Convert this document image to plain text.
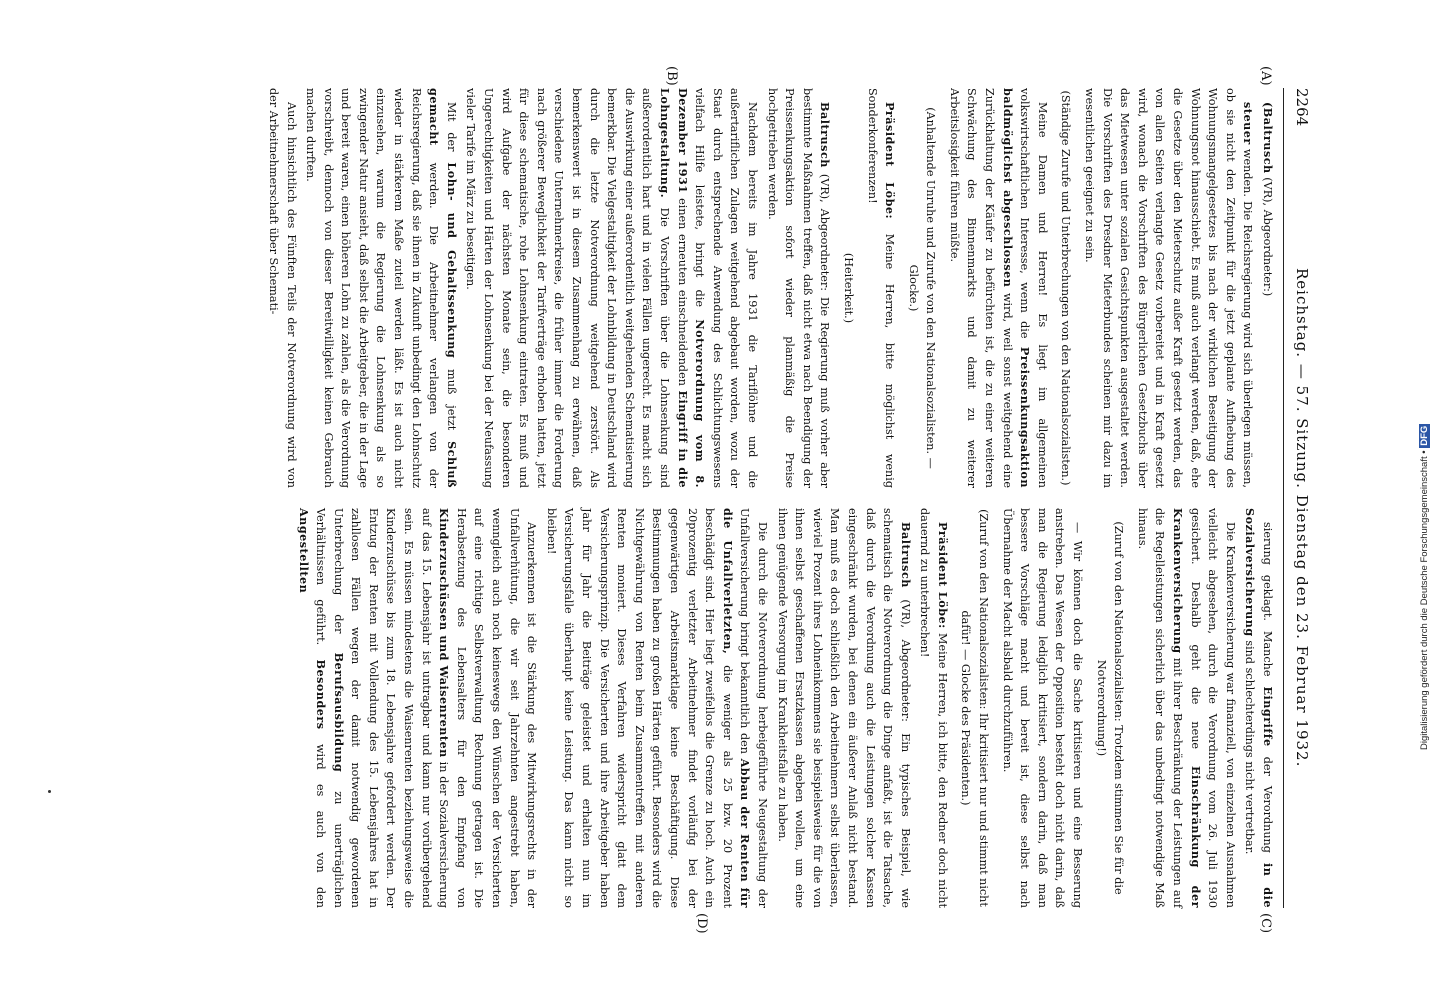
2264
Reichstag. — 57. Sitzung. Dienstag den 23. Februar 1932.
(A)
(B)
(C)
(D)

(Baltrusch (VR), Abgeordneter:)

steuer wenden. Die Reichsregierung wird sich überlegen müssen, ob sie nicht den Zeitpunkt für die jetzt geplante Aufhebung des Wohnungsmangelgesetzes bis nach der wirklichen Beseitigung der Wohnungsnot hinausschiebt. Es muß auch verlangt werden, daß, ehe die Gesetze über den Mieterschutz außer Kraft gesetzt werden, das von allen Seiten verlangte Gesetz vorbereitet und in Kraft gesetzt wird, wonach die Vorschriften des Bürgerlichen Gesetzbuchs über das Mietwesen unter sozialen Gesichtspunkten ausgestaltet werden. Die Vorschriften des Dresdner Mieterbundes scheinen mir dazu im wesentlichen geeignet zu sein.

(Ständige Zurufe und Unterbrechungen von den Nationalsozialisten.)

Meine Damen und Herren! Es liegt im allgemeinen volkswirtschaftlichen Interesse, wenn die Preissenkungsaktion baldmöglichst abgeschlossen wird, weil sonst weitgehend eine Zurückhaltung der Käufer zu befürchten ist, die zu einer weiteren Schwächung des Binnenmarkts und damit zu weiterer Arbeitslosigkeit führen müßte.

(Anhaltende Unruhe und Zurufe von den Nationalsozialisten. — Glocke.)

Präsident Löbe: Meine Herren, bitte möglichst wenig Sonderkonferenzen!

(Heiterkeit.)

Baltrusch (VR), Abgeordneter: Die Regierung muß vorher aber bestimmte Maßnahmen treffen, daß nicht etwa nach Beendigung der Preissenkungsaktion sofort wieder planmäßig die Preise hochgetrieben werden.

Nachdem bereits im Jahre 1931 die Tariflöhne und die außertariflichen Zulagen weitgehend abgebaut worden, wozu der Staat durch entsprechende Anwendung des Schlichtungswesens vielfach Hilfe leistete, bringt die Notverordnung vom 8. Dezember 1931 einen erneuten einschneidenden Eingriff in die Lohngestaltung. Die Vorschriften über die Lohnsenkung sind außerordentlich hart und in vielen Fällen ungerecht. Es macht sich die Auswirkung einer außerordentlich weitgehenden Schematisierung bemerkbar. Die Vielgestaltigkeit der Lohnbildung in Deutschland wird durch die letzte Notverordnung weitgehend zerstört. Als bemerkenswert ist in diesem Zusammenhang zu erwähnen, daß verschiedene Unternehmerkreise, die früher immer die Forderung nach größerer Beweglichkeit der Tarifverträge erhoben hatten, jetzt für diese schematische, rohe Lohnsenkung eintraten. Es muß und wird Aufgabe der nächsten Monate sein, die besonderen Ungerechtigkeiten und Härten der Lohnsenkung bei der Neufassung vieler Tarife im März zu beseitigen.

Mit der Lohn- und Gehaltssenkung muß jetzt Schluß gemacht werden. Die Arbeitnehmer verlangen von der Reichsregierung, daß sie ihnen in Zukunft unbedingt den Lohnschutz wieder in stärkerem Maße zuteil werden läßt. Es ist auch nicht einzusehen, warum die Regierung die Lohnsenkung als so zwingender Natur ansieht, daß selbst die Arbeitgeber, die in der Lage und bereit waren, einen höheren Lohn zu zahlen, als die Verordnung vorschreibt, dennoch von dieser Bereitwilligkeit keinen Gebrauch machen durften.

Auch hinsichtlich des Fünften Teils der Notverordnung wird von der Arbeitnehmerschaft über Schemati-

sierung geklagt. Manche Eingriffe der Verordnung in die Sozialversicherung sind schlechterdings nicht vertretbar.

Die Krankenversicherung war finanziell, von einzelnen Ausnahmen vielleicht abgesehen, durch die Verordnung vom 26. Juli 1930 gesichert. Deshalb geht die neue Einschränkung der Krankenversicherung mit ihrer Beschränkung der Leistungen auf die Regelleistungen sicherlich über das unbedingt notwendige Maß hinaus.

(Zuruf von den Nationalsozialisten: Trotzdem stimmen Sie für die Notverordnung!)

— Wir können doch die Sache kritisieren und eine Besserung anstreben. Das Wesen der Opposition besteht doch nicht darin, daß man die Regierung lediglich kritisiert, sondern darin, daß man bessere Vorschläge macht und bereit ist, diese selbst nach Übernahme der Macht alsbald durchzuführen.

(Zuruf von den Nationalsozialisten: Ihr kritisiert nur und stimmt nicht dafür! — Glocke des Präsidenten.)

Präsident Löbe: Meine Herren, ich bitte, den Redner doch nicht dauernd zu unterbrechen!

Baltrusch (VR), Abgeordneter: Ein typisches Beispiel, wie schematisch die Notverordnung die Dinge anfaßt, ist die Tatsache, daß durch die Verordnung auch die Leistungen solcher Kassen eingeschränkt wurden, bei denen ein äußerer Anlaß nicht bestand. Man muß es doch schließlich den Arbeitnehmern selbst überlassen, wieviel Prozent ihres Lohneinkommens sie beispielsweise für die von ihnen selbst geschaffenen Ersatzkassen abgeben wollen, um eine ihnen genügende Versorgung im Krankheitsfalle zu haben.

Die durch die Notverordnung herbeigeführte Neugestaltung der Unfallversicherung bringt bekanntlich den Abbau der Renten für die Unfallverletzten, die weniger als 25 bzw. 20 Prozent beschädigt sind. Hier liegt zweifellos die Grenze zu hoch. Auch ein 20prozentig verletzter Arbeitnehmer findet vorläufig bei der gegenwärtigen Arbeitsmarktlage keine Beschäftigung. Diese Bestimmungen haben zu großen Härten geführt. Besonders wird die Nichtgewährung von Renten beim Zusammentreffen mit anderen Renten moniert. Dieses Verfahren widerspricht glatt dem Versicherungsprinzip. Die Versicherten und ihre Arbeitgeber haben Jahr für Jahr die Beiträge geleistet und erhalten nun im Versicherungsfalle überhaupt keine Leistung. Das kann nicht so bleiben!

Anzuerkennen ist die Stärkung des Mitwirkungsrechts in der Unfallverhütung, die wir seit Jahrzehnten angestrebt haben, wenngleich auch noch keineswegs den Wünschen der Versicherten auf eine richtige Selbstverwaltung Rechnung getragen ist. Die Herabsetzung des Lebensalters für den Empfang von Kinderzuschüssen und Waisenrenten in der Sozialversicherung auf das 15. Lebensjahr ist untragbar und kann nur vorübergehend sein. Es müssen mindestens die Waisenrenten beziehungsweise die Kinderzuschüsse bis zum 18. Lebensjahre gefordert werden. Der Entzug der Renten mit Vollendung des 15. Lebensjahres hat in zahllosen Fällen wegen der damit notwendig gewordenen Unterbrechung der Berufsausbildung zu unerträglichen Verhältnissen geführt. Besonders wird es auch von den Angestellten	Digitalisierung gefördert durch die Deutsche Forschungsgemeinschaft • DFG
